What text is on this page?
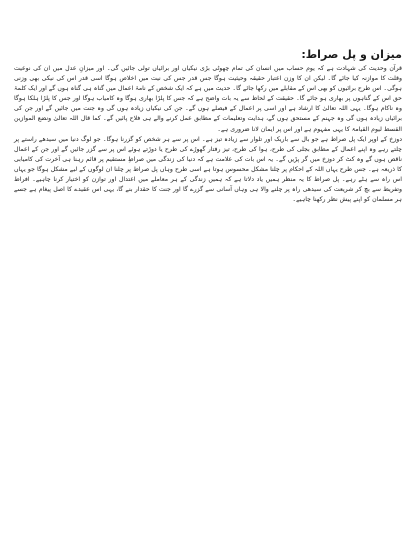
میزان و پل صراط:

قرآن وحدیث کی شہادت ہے کہ یوم حساب میں انسان کی تمام چھوٹی بڑی نیکیاں اور برائیاں تولی جائیں گی۔ اور میزانِ عدل میں ان کی نوعیت وقلت کا موازنہ کیا جائے گا۔ لیکن ان کا وزن اعتبار حقیقہ وحیثیت ہوگا جس قدر جس کی نیت میں اخلاص ہوگا اسی قدر اس کی نیکی بھی وزنی ہوگی۔ اس طرح برائیوں کو بھی اس کے مقابلے میں رکھا جائے گا۔ حدیث میں ہے کہ ایک شخص کے نامۂ اعمال میں گناہ ہی گناہ ہوں گے اور ایک کلمۂ حق اس کے گناہوں پر بھاری ہو جائے گا۔ حقیقت کے لحاظ سے یہ بات واضح ہے کہ جس کا پلڑا بھاری ہوگا وہ کامیاب ہوگا اور جس کا پلڑا ہلکا ہوگا وہ ناکام ہوگا۔ یہی اللہ تعالیٰ کا ارشاد ہے اور اسی پر اعمال کے فیصلے ہوں گے۔ جن کی نیکیاں زیادہ ہوں گی وہ جنت میں جائیں گے اور جن کی برائیاں زیادہ ہوں گی وہ جہنم کے مستحق ہوں گے، ہدایت وتعلیمات کے مطابق عمل کرنے والے ہی فلاح پائیں گے۔ کما قال اللہ تعالیٰ ونضع الموازین القسط لیوم القیامۃ کا یہی مفہوم ہے اور اس پر ایمان لانا ضروری ہے۔

دوزخ کے اوپر ایک پل صراط ہے جو بال سے باریک اور تلوار سے زیادہ تیز ہے۔ اس پر سے ہر شخص کو گزرنا ہوگا۔ جو لوگ دنیا میں سیدھے راستے پر چلتے رہے وہ اپنے اعمال کے مطابق بجلی کی طرح، ہوا کی طرح، تیز رفتار گھوڑے کی طرح یا دوڑتے ہوئے اس پر سے گزر جائیں گے اور جن کے اعمال ناقص ہوں گے وہ کٹ کر دوزخ میں گر پڑیں گے۔ یہ اس بات کی علامت ہے کہ دنیا کی زندگی میں صراطِ مستقیم پر قائم رہنا ہی آخرت کی کامیابی کا ذریعہ ہے۔ جس طرح یہاں اللہ کے احکام پر چلنا مشکل محسوس ہوتا ہے اسی طرح وہاں پل صراط پر چلنا ان لوگوں کے لیے مشکل ہوگا جو یہاں اس راہ سے ہٹے رہے۔ پل صراط کا یہ منظر ہمیں یاد دلاتا ہے کہ ہمیں زندگی کے ہر معاملے میں اعتدال اور توازن کو اختیار کرنا چاہیے۔ افراط وتفریط سے بچ کر شریعت کی سیدھی راہ پر چلنے والا ہی وہاں آسانی سے گزرے گا اور جنت کا حقدار بنے گا، یہی اس عقیدے کا اصل پیغام ہے جسے ہر مسلمان کو اپنے پیش نظر رکھنا چاہیے۔
